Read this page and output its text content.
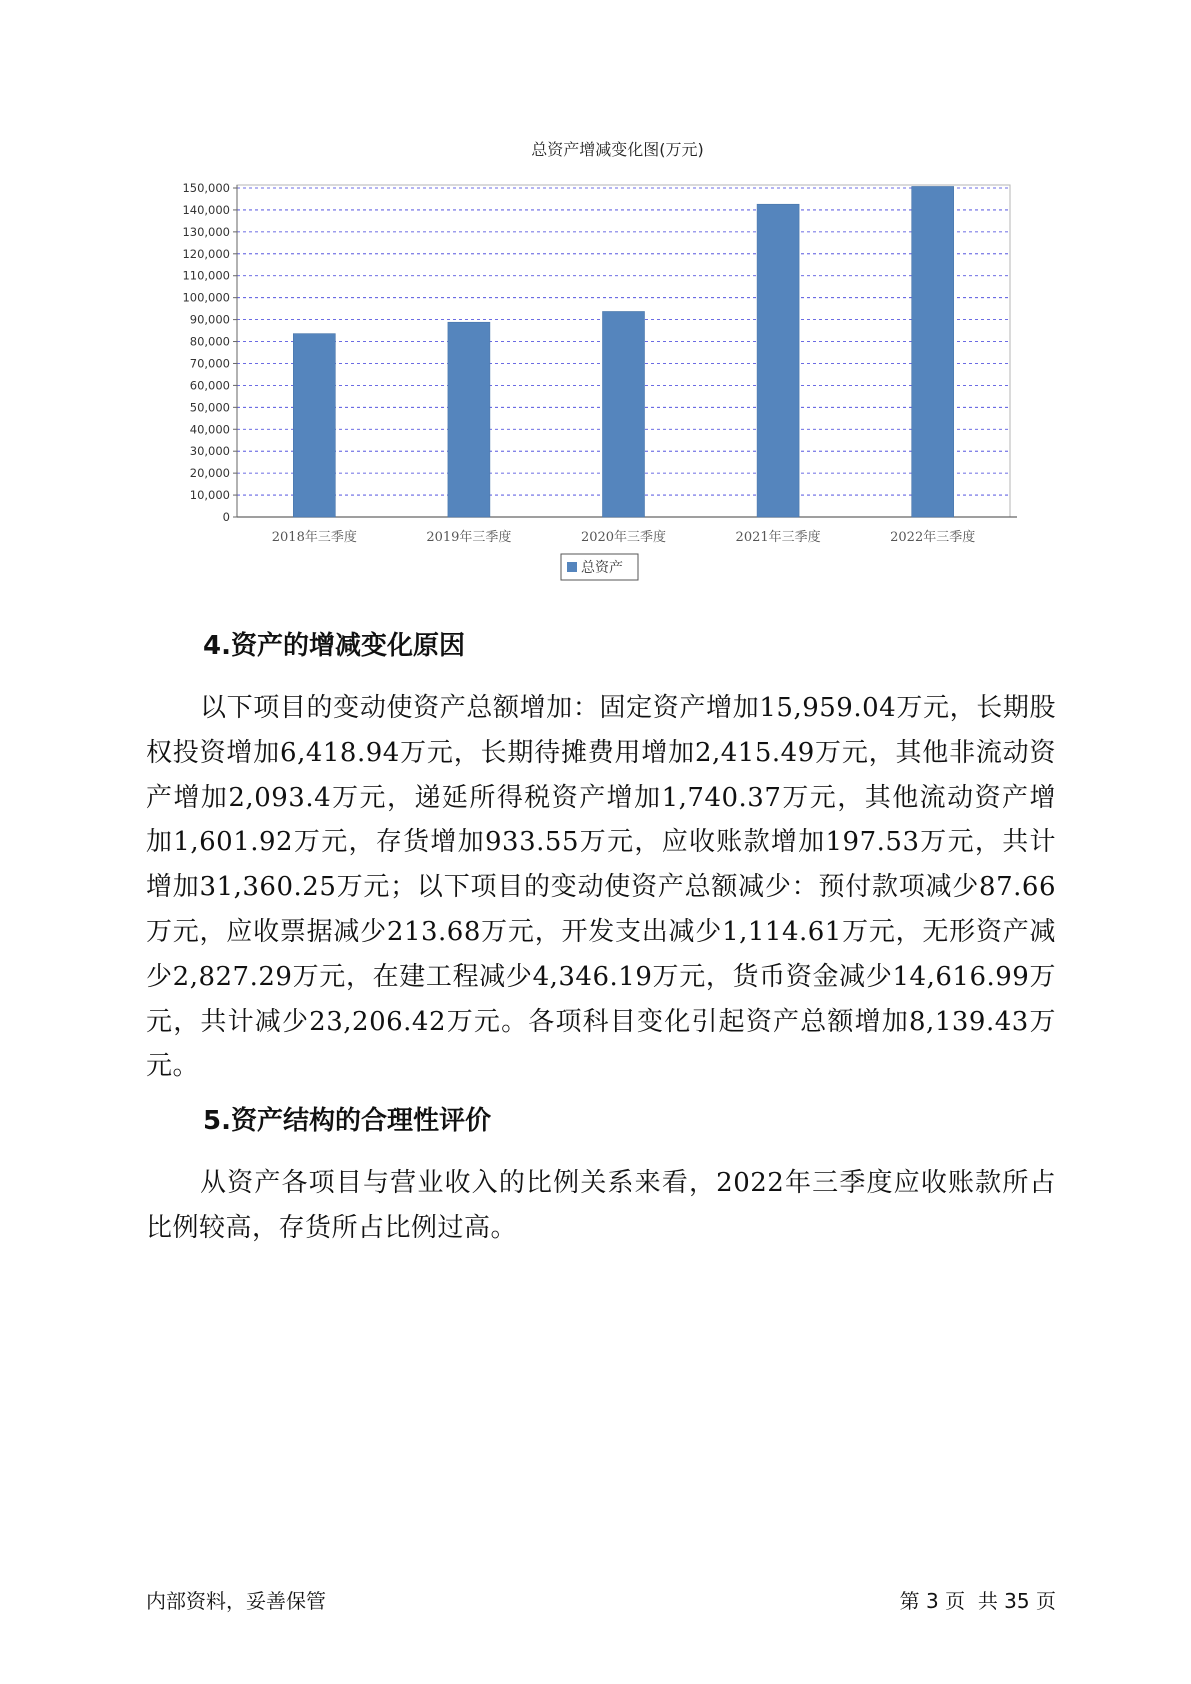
总资产增减变化图(万元)
0
10,000
20,000
30,000
40,000
50,000
60,000
70,000
80,000
90,000
100,000
110,000
120,000
130,000
140,000
150,000
2018年三季度	2019年三季度	2020年三季度	2021年三季度	2022年三季度
总资产
4.资产的增减变化原因

以下项目的变动使资产总额增加：固定资产增加15,959.04万元，长期股权投资增加6,418.94万元，长期待摊费用增加2,415.49万元，其他非流动资产增加2,093.4万元，递延所得税资产增加1,740.37万元，其他流动资产增加1,601.92万元，存货增加933.55万元，应收账款增加197.53万元，共计增加31,360.25万元；以下项目的变动使资产总额减少：预付款项减少87.66万元，应收票据减少213.68万元，开发支出减少1,114.61万元，无形资产减少2,827.29万元，在建工程减少4,346.19万元，货币资金减少14,616.99万元，共计减少23,206.42万元。各项科目变化引起资产总额增加8,139.43万元。

5.资产结构的合理性评价

从资产各项目与营业收入的比例关系来看，2022年三季度应收账款所占比例较高，存货所占比例过高。

内部资料，妥善保管	第 3 页  共 35 页
